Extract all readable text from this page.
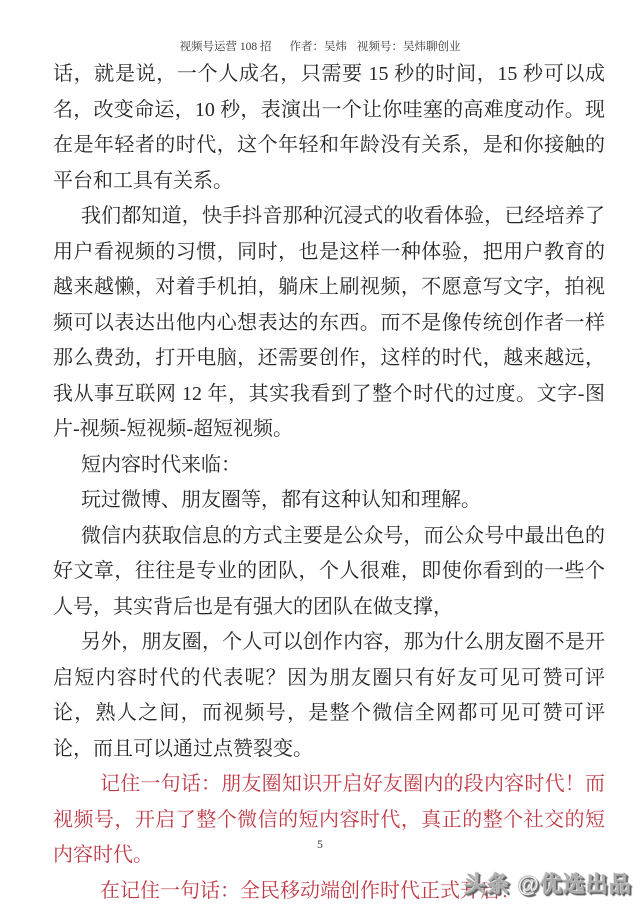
视频号运营 108 招 作者：吴炜 视频号：吴炜聊创业

话，就是说，一个人成名，只需要 15 秒的时间，15 秒可以成名，改变命运，10 秒，表演出一个让你哇塞的高难度动作。现在是年轻者的时代，这个年轻和年龄没有关系，是和你接触的平台和工具有关系。

我们都知道，快手抖音那种沉浸式的收看体验，已经培养了用户看视频的习惯，同时，也是这样一种体验，把用户教育的越来越懒，对着手机拍，躺床上刷视频，不愿意写文字，拍视频可以表达出他内心想表达的东西。而不是像传统创作者一样那么费劲，打开电脑，还需要创作，这样的时代，越来越远，我从事互联网 12 年，其实我看到了整个时代的过度。文字-图片-视频-短视频-超短视频。

短内容时代来临：

玩过微博、朋友圈等，都有这种认知和理解。

微信内获取信息的方式主要是公众号，而公众号中最出色的好文章，往往是专业的团队，个人很难，即使你看到的一些个人号，其实背后也是有强大的团队在做支撑，

另外，朋友圈，个人可以创作内容，那为什么朋友圈不是开启短内容时代的代表呢？因为朋友圈只有好友可见可赞可评论，熟人之间，而视频号，是整个微信全网都可见可赞可评论，而且可以通过点赞裂变。

记住一句话：朋友圈知识开启好友圈内的段内容时代！而视频号，开启了整个微信的短内容时代，真正的整个社交的短内容时代。

在记住一句话：全民移动端创作时代正式开启！

5
头条 @优选出品
